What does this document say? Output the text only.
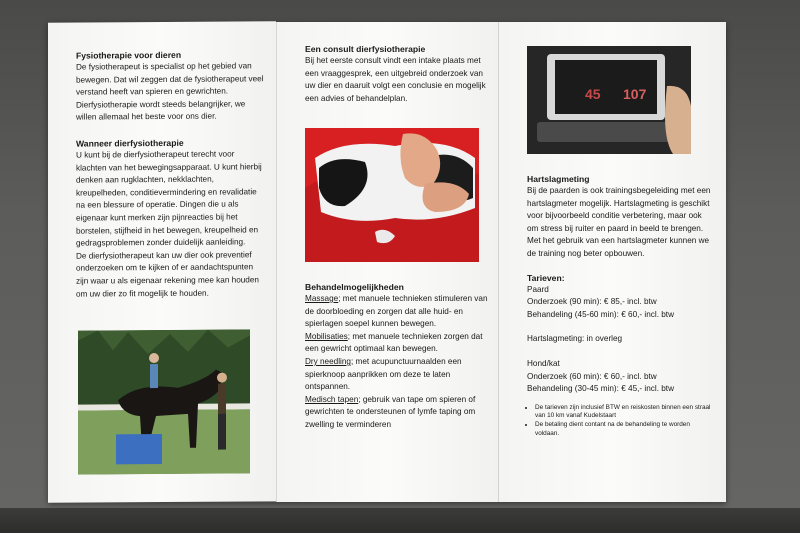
Fysiotherapie voor dieren

De fysiotherapeut is specialist op het gebied van bewegen. Dat wil zeggen dat de fysiotherapeut veel verstand heeft van spieren en gewrichten. Dierfysiotherapie wordt steeds belangrijker, we willen allemaal het beste voor ons dier.

Wanneer dierfysiotherapie

U kunt bij de dierfysiotherapeut terecht voor klachten van het bewegingsapparaat. U kunt hierbij denken aan rugklachten, nekklachten, kreupelheden, conditievermindering en revalidatie na een blessure of operatie. Dingen die u als eigenaar kunt merken zijn pijnreacties bij het borstelen, stijfheid in het bewegen, kreupelheid en gedragsproblemen zonder duidelijk aanleiding.

De dierfysiotherapeut kan uw dier ook preventief onderzoeken om te kijken of er aandachtspunten zijn waar u als eigenaar rekening mee kan houden om uw dier zo fit mogelijk te houden.

Een consult dierfysiotherapie

Bij het eerste consult vindt een intake plaats met een vraaggesprek, een uitgebreid onderzoek van uw dier en daaruit volgt een conclusie en mogelijk een advies of behandelplan.

Behandelmogelijkheden

Massage; met manuele technieken stimuleren van de doorbloeding en zorgen dat alle huid- en spierlagen soepel kunnen bewegen.

Mobilisaties; met manuele technieken zorgen dat een gewricht optimaal kan bewegen.

Dry needling; met acupunctuurnaalden een spierknoop aanprikken om deze te laten ontspannen.

Medisch tapen; gebruik van tape om spieren of gewrichten te ondersteunen of lymfe taping om zwelling te verminderen

45 107
Hartslagmeting

Bij de paarden is ook trainingsbegeleiding met een hartslagmeter mogelijk. Hartslagmeting is geschikt voor bijvoorbeeld conditie verbetering, maar ook om stress bij ruiter en paard in beeld te brengen. Met het gebruik van een hartslagmeter kunnen we de training nog beter opbouwen.

Tarieven:

Paard

Onderzoek (90 min): € 85,- incl. btw

Behandeling (45-60 min): € 60,- incl. btw

Hartslagmeting: in overleg

Hond/kat

Onderzoek (60 min): € 60,- incl. btw

Behandeling (30-45 min): € 45,- incl. btw

• De tarieven zijn inclusief BTW en reiskosten binnen een straal van 10 km vanaf Kudelstaart
• De betaling dient contant na de behandeling te worden voldaan.
